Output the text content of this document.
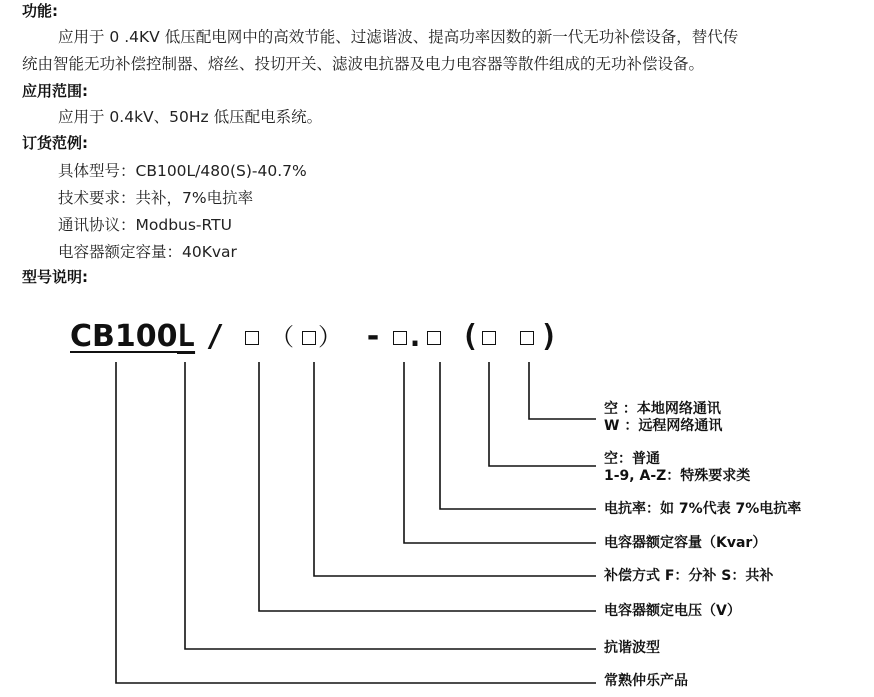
功能:
应用于 0 .4KV 低压配电网中的高效节能、过滤谐波、提高功率因数的新一代无功补偿设备，替代传
统由智能无功补偿控制器、熔丝、投切开关、滤波电抗器及电力电容器等散件组成的无功补偿设备。
应用范围:
应用于 0.4kV、50Hz 低压配电系统。
订货范例:
具体型号：CB100L/480(S)-40.7%
技术要求：共补，7%电抗率
通讯协议：Modbus-RTU
电容器额定容量：40Kvar
型号说明:
CB100 L / （ ） - . ( )
空 ：本地网络通讯
W ：远程网络通讯
空：普通
1-9, A-Z：特殊要求类
电抗率：如 7%代表 7%电抗率
电容器额定容量（Kvar）
补偿方式 F：分补 S：共补
电容器额定电压（V）
抗谐波型
常熟仲乐产品
